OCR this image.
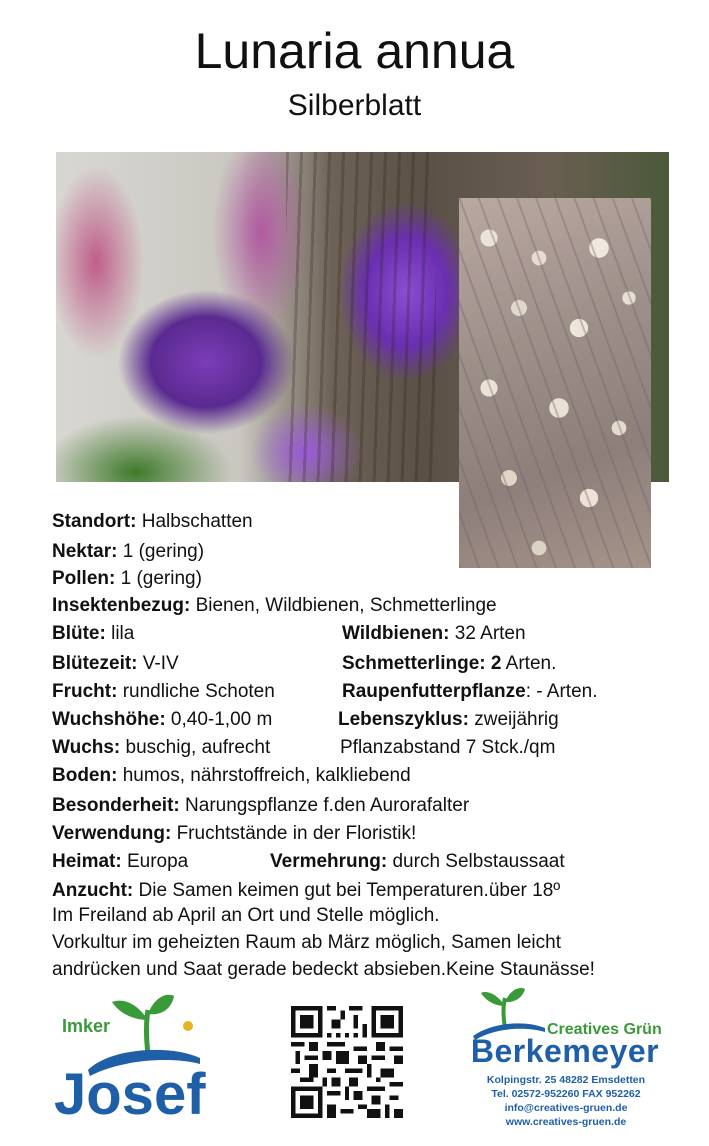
Lunaria annua
Silberblatt
Standort: Halbschatten
Nektar: 1 (gering)
Pollen: 1 (gering)
Insektenbezug: Bienen, Wildbienen, Schmetterlinge
Blüte: lila	Wildbienen: 32 Arten
Blütezeit: V-IV	Schmetterlinge: 2 Arten.
Frucht: rundliche Schoten	Raupenfutterpflanze: - Arten.
Wuchshöhe: 0,40-1,00 m	Lebenszyklus: zweijährig
Wuchs: buschig, aufrecht	Pflanzabstand 7 Stck./qm
Boden: humos, nährstoffreich, kalkliebend
Besonderheit: Narungspflanze f.den Aurorafalter
Verwendung: Fruchtstände in der Floristik!
Heimat: Europa	Vermehrung: durch Selbstaussaat
Anzucht: Die Samen keimen gut bei Temperaturen.über 18º
Im Freiland ab April an Ort und Stelle möglich.
Vorkultur im geheizten Raum ab März möglich, Samen leicht
andrücken und Saat gerade bedeckt absieben.Keine Staunässe!
Imker
Josef
Creatives Grün
Berkemeyer
Kolpingstr. 25 48282 Emsdetten
Tel. 02572-952260 FAX 952262
info@creatives-gruen.de
www.creatives-gruen.de
